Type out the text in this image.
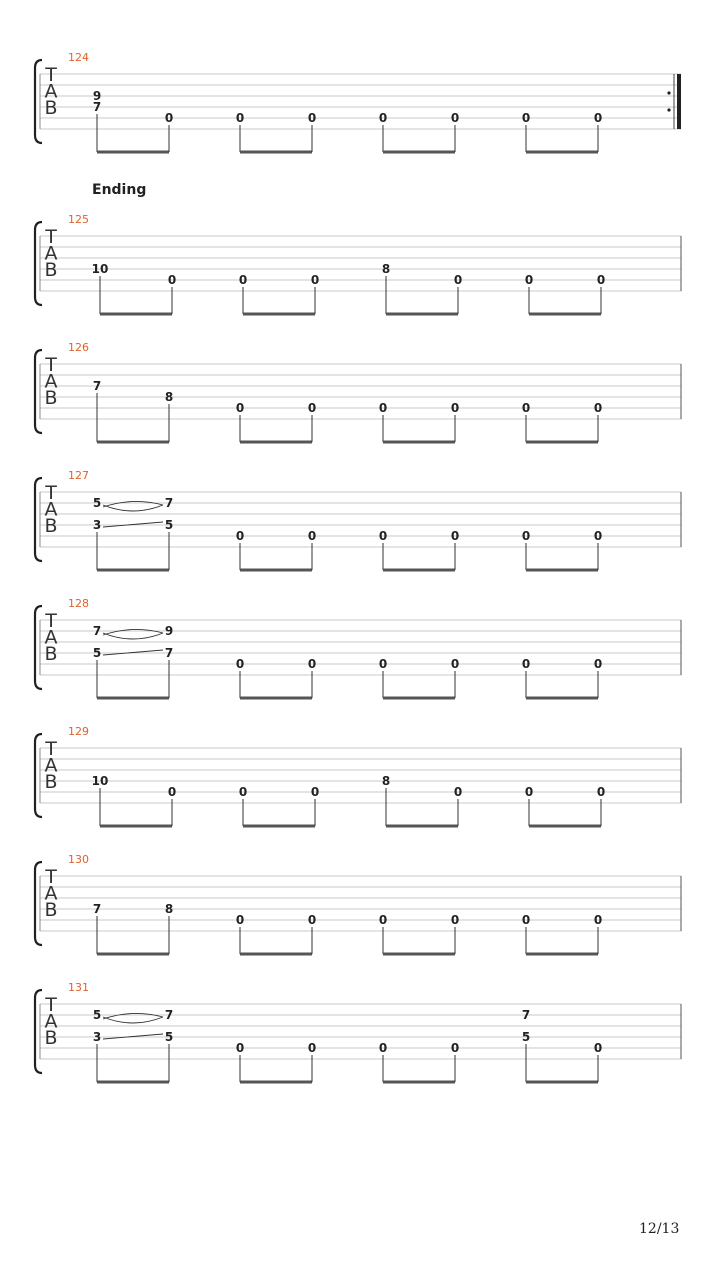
124
T
A
B
9
7
0	0	0	0	0	0	0
125
T
A
B	10
0	0	0
8
0	0	0
126
T
A
B
7
8
0	0	0	0	0	0
127
T
A
B
5
3
7
5
0	0	0	0	0	0
128
T
A
B
7
5
9
7
0	0	0	0	0	0
129
T
A
B	10
0	0	0
8
0	0	0
130
T
A
B	7	8
0	0	0	0	0	0
131
T
A
B
5
3
7
5
0	0	0	0
7
5
0
Ending
12/13
